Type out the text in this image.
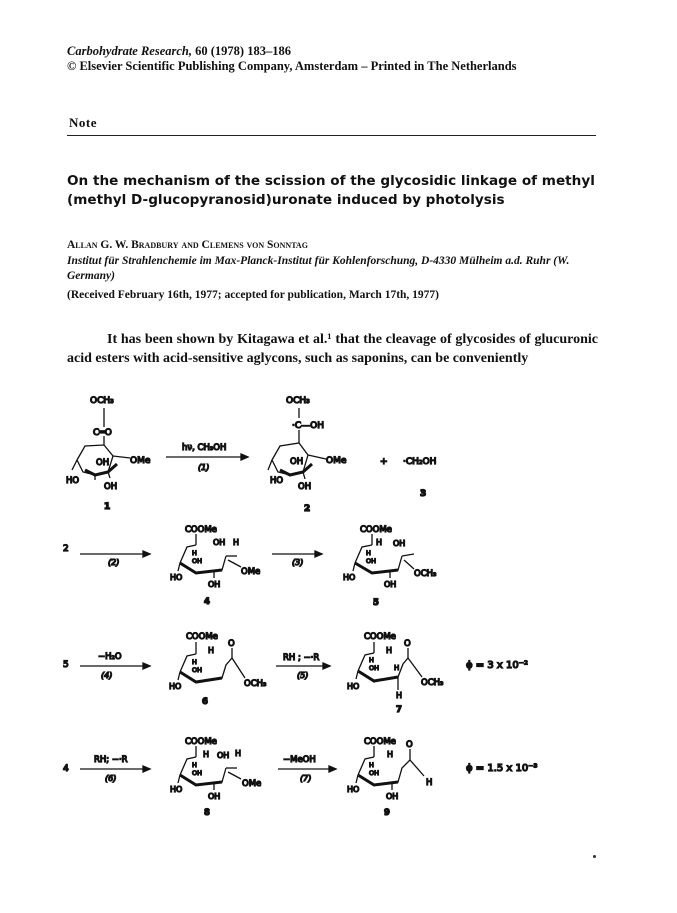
Carbohydrate Research, 60 (1978) 183–186
© Elsevier Scientific Publishing Company, Amsterdam – Printed in The Netherlands
Note
On the mechanism of the scission of the glycosidic linkage of methyl (methyl D-glucopyranosid)uronate induced by photolysis
Allan G. W. Bradbury and Clemens von Sonntag
Institut für Strahlenchemie im Max-Planck-Institut für Kohlenforschung, D-4330 Mülheim a.d. Ruhr (W. Germany)
(Received February 16th, 1977; accepted for publication, March 17th, 1977)
It has been shown by Kitagawa et al.¹ that the cleavage of glycosides of glucuronic acid esters with acid-sensitive aglycons, such as saponins, can be conveniently
OCH₃
C═O
OH OMe
HO
OH
1
hν, CH₃OH
(1)
OCH₃
·C—OH
OH	OMe
HO
OH
2
+ ·CH₂OH
3
2
(2)
COOMe
OH H
H
OH
OMe
HO
OH
4
(3)
COOMe
H OH
H
OH
OCH₃
HO
OH
5
5
−H₂O
(4)
COOMe
H
O
H
OH
OCH₃
HO
6
RH ; −·R
(5)
COOMe
H
O
H
OH H
OCH₃
HO
H
7
ϕ = 3 x 10⁻²
4
RH; −·R
(6)
COOMe
H OH H
H
OH
OMe
HO
OH
8
−MeOH
(7)
COOMe
H
O
H
OH
H
HO
OH
9
ϕ = 1.5 x 10⁻³
